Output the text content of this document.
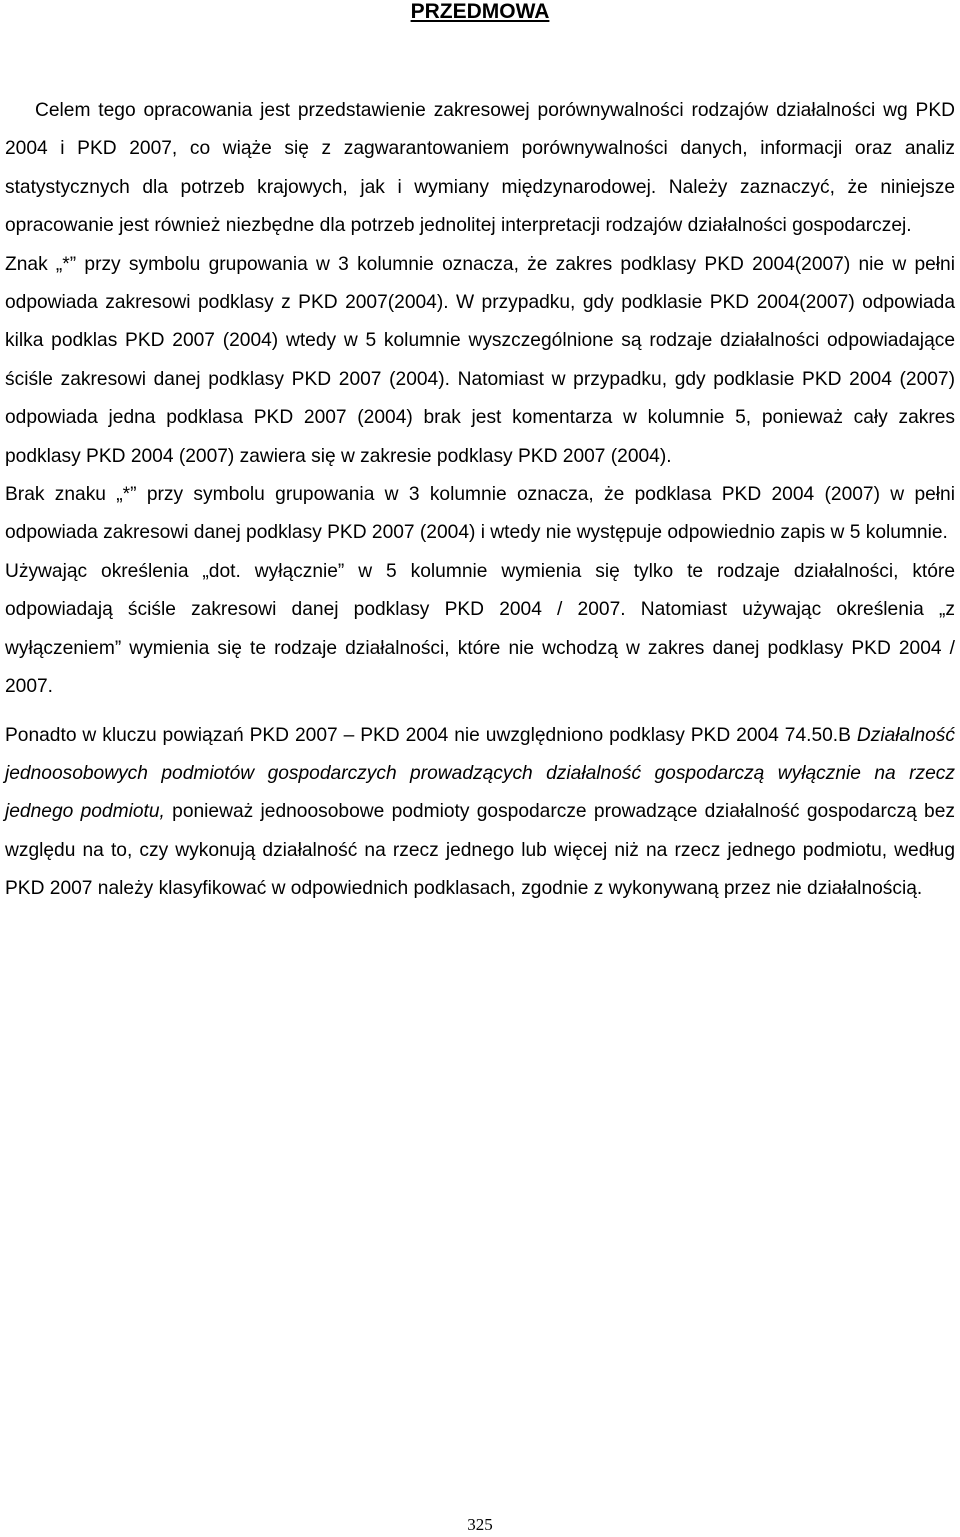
PRZEDMOWA

Celem tego opracowania jest przedstawienie zakresowej porównywalności rodzajów działalności wg PKD 2004 i PKD 2007, co wiąże się z zagwarantowaniem porównywalności danych, informacji oraz analiz statystycznych dla potrzeb krajowych, jak i wymiany międzynarodowej. Należy zaznaczyć, że niniejsze opracowanie jest również niezbędne dla potrzeb jednolitej interpretacji rodzajów działalności gospodarczej.

Znak „*” przy symbolu grupowania w 3 kolumnie oznacza, że zakres podklasy PKD 2004(2007) nie w pełni odpowiada zakresowi podklasy z PKD 2007(2004). W przypadku, gdy podklasie PKD 2004(2007) odpowiada kilka podklas PKD 2007 (2004) wtedy w 5 kolumnie wyszczególnione są rodzaje działalności odpowiadające ściśle zakresowi danej podklasy PKD 2007 (2004). Natomiast w przypadku, gdy podklasie PKD 2004 (2007) odpowiada jedna podklasa PKD 2007 (2004) brak jest komentarza w kolumnie 5, ponieważ cały zakres podklasy PKD 2004 (2007) zawiera się w zakresie podklasy PKD 2007 (2004).

Brak znaku „*” przy symbolu grupowania w 3 kolumnie oznacza, że podklasa PKD 2004 (2007) w pełni odpowiada zakresowi danej podklasy PKD 2007 (2004) i wtedy nie występuje odpowiednio zapis w 5 kolumnie.

Używając określenia „dot. wyłącznie” w 5 kolumnie wymienia się tylko te rodzaje działalności, które odpowiadają ściśle zakresowi danej podklasy PKD 2004 / 2007. Natomiast używając określenia „z wyłączeniem” wymienia się te rodzaje działalności, które nie wchodzą w zakres danej podklasy PKD 2004 / 2007.

Ponadto w kluczu powiązań PKD 2007 – PKD 2004 nie uwzględniono podklasy PKD 2004 74.50.B Działalność jednoosobowych podmiotów gospodarczych prowadzących działalność gospodarczą wyłącznie na rzecz jednego podmiotu, ponieważ jednoosobowe podmioty gospodarcze prowadzące działalność gospodarczą bez względu na to, czy wykonują działalność na rzecz jednego lub więcej niż na rzecz jednego podmiotu, według PKD 2007 należy klasyfikować w odpowiednich podklasach, zgodnie z wykonywaną przez nie działalnością.

325
